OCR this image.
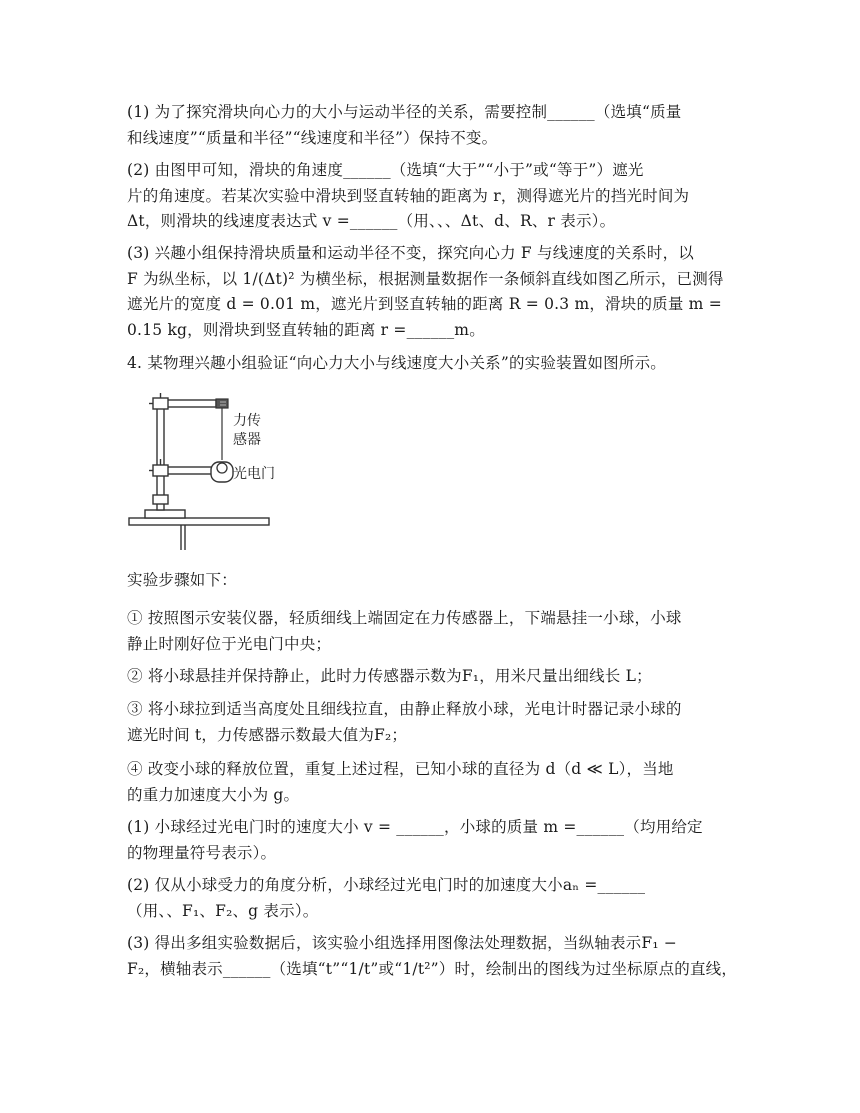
(1) 为了探究滑块向心力的大小与运动半径的关系，需要控制______（选填“质量
和线速度”“质量和半径”“线速度和半径”）保持不变。
(2) 由图甲可知，滑块的角速度______（选填“大于”“小于”或“等于”）遮光
片的角速度。若某次实验中滑块到竖直转轴的距离为 r，测得遮光片的挡光时间为
Δt，则滑块的线速度表达式 v =______（用、、、Δt、d、R、r 表示）。
(3) 兴趣小组保持滑块质量和运动半径不变，探究向心力 F 与线速度的关系时，以
F 为纵坐标，以 1/(Δt)² 为横坐标，根据测量数据作一条倾斜直线如图乙所示，已测得
遮光片的宽度 d = 0.01 m，遮光片到竖直转轴的距离 R = 0.3 m，滑块的质量 m =
0.15 kg，则滑块到竖直转轴的距离 r =______m。
4. 某物理兴趣小组验证“向心力大小与线速度大小关系”的实验装置如图所示。
力传
感器
光电门
实验步骤如下：
① 按照图示安装仪器，轻质细线上端固定在力传感器上，下端悬挂一小球，小球
静止时刚好位于光电门中央；
② 将小球悬挂并保持静止，此时力传感器示数为F₁，用米尺量出细线长 L；
③ 将小球拉到适当高度处且细线拉直，由静止释放小球，光电计时器记录小球的
遮光时间 t，力传感器示数最大值为F₂；
④ 改变小球的释放位置，重复上述过程，已知小球的直径为 d（d ≪ L），当地
的重力加速度大小为 g。
(1) 小球经过光电门时的速度大小 v = ______，小球的质量 m =______（均用给定
的物理量符号表示）。
(2) 仅从小球受力的角度分析，小球经过光电门时的加速度大小aₙ =______
（用、、F₁、F₂、g 表示）。
(3) 得出多组实验数据后，该实验小组选择用图像法处理数据，当纵轴表示F₁ −
F₂，横轴表示______（选填“t”“1/t”或“1/t²”）时，绘制出的图线为过坐标原点的直线，
